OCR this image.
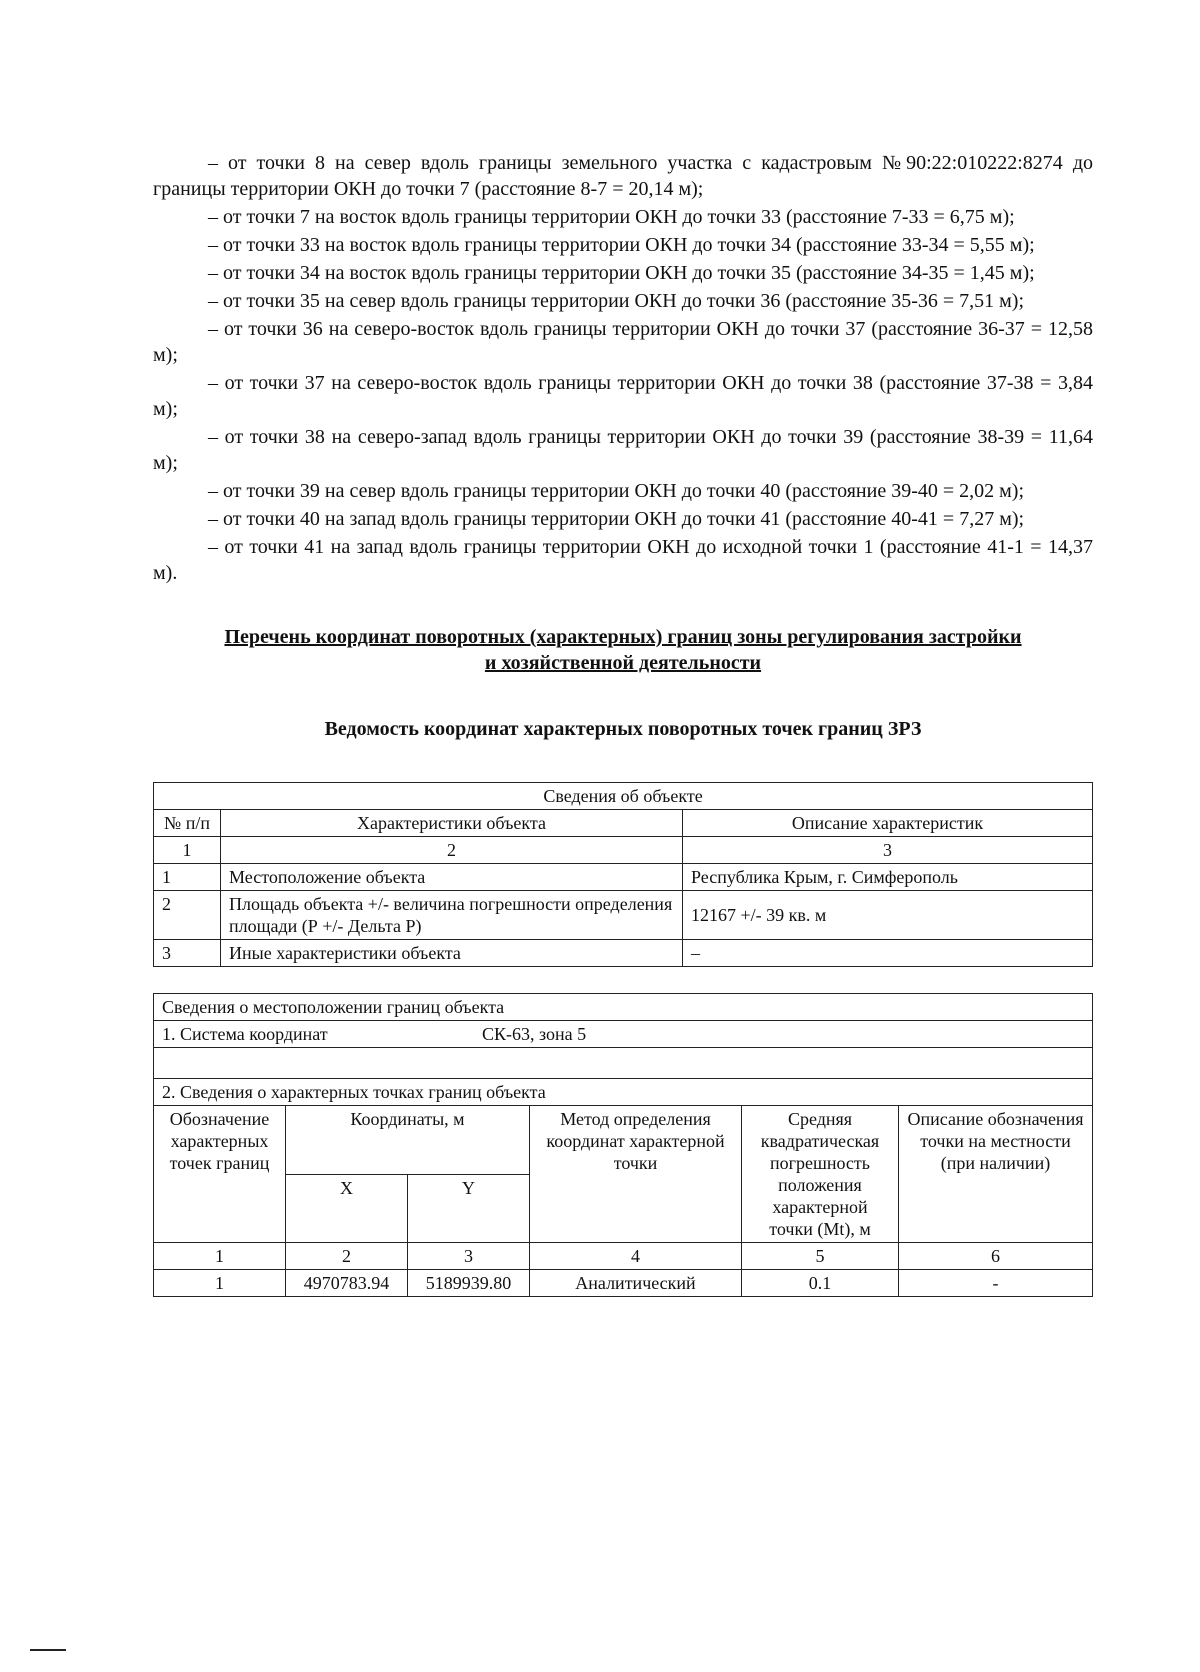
– от точки 8 на север вдоль границы земельного участка с кадастровым №90:22:010222:8274 до границы территории ОКН до точки 7 (расстояние 8-7 = 20,14 м);

– от точки 7 на восток вдоль границы территории ОКН до точки 33 (расстояние 7-33 = 6,75 м);

– от точки 33 на восток вдоль границы территории ОКН до точки 34 (расстояние 33-34 = 5,55 м);

– от точки 34 на восток вдоль границы территории ОКН до точки 35 (расстояние 34-35 = 1,45 м);

– от точки 35 на север вдоль границы территории ОКН до точки 36 (расстояние 35-36 = 7,51 м);

– от точки 36 на северо-восток вдоль границы территории ОКН до точки 37 (расстояние 36-37 = 12,58 м);

– от точки 37 на северо-восток вдоль границы территории ОКН до точки 38 (расстояние 37-38 = 3,84 м);

– от точки 38 на северо-запад вдоль границы территории ОКН до точки 39 (расстояние 38-39 = 11,64 м);

– от точки 39 на север вдоль границы территории ОКН до точки 40 (расстояние 39-40 = 2,02 м);

– от точки 40 на запад вдоль границы территории ОКН до точки 41 (расстояние 40-41 = 7,27 м);

– от точки 41 на запад вдоль границы территории ОКН до исходной точки 1 (расстояние 41-1 = 14,37 м).

Перечень координат поворотных (характерных) границ зоны регулирования застройки
и хозяйственной деятельности
Ведомость координат характерных поворотных точек границ ЗРЗ
Сведения об объекте		
№ п/п	Характеристики объекта	Описание характеристик
1	2	3
1	Местоположение объекта	Республика Крым, г. Симферополь
2	Площадь объекта +/- величина погрешности определения площади (Р +/- Дельта Р)	12167 +/- 39 кв. м
3	Иные характеристики объекта	–
Сведения о местоположении границ объекта					
1. Система координат СК-63, зона 5					

2. Сведения о характерных точках границ объекта					
Обозначение характерных точек границ	Координаты, м		Метод определения координат характерной точки	Средняя квадратическая погрешность положения характерной точки (Mt), м	Описание обозначения точки на местности (при наличии)
	X	Y			
1	2	3	4	5	6
1	4970783.94	5189939.80	Аналитический	0.1	-
